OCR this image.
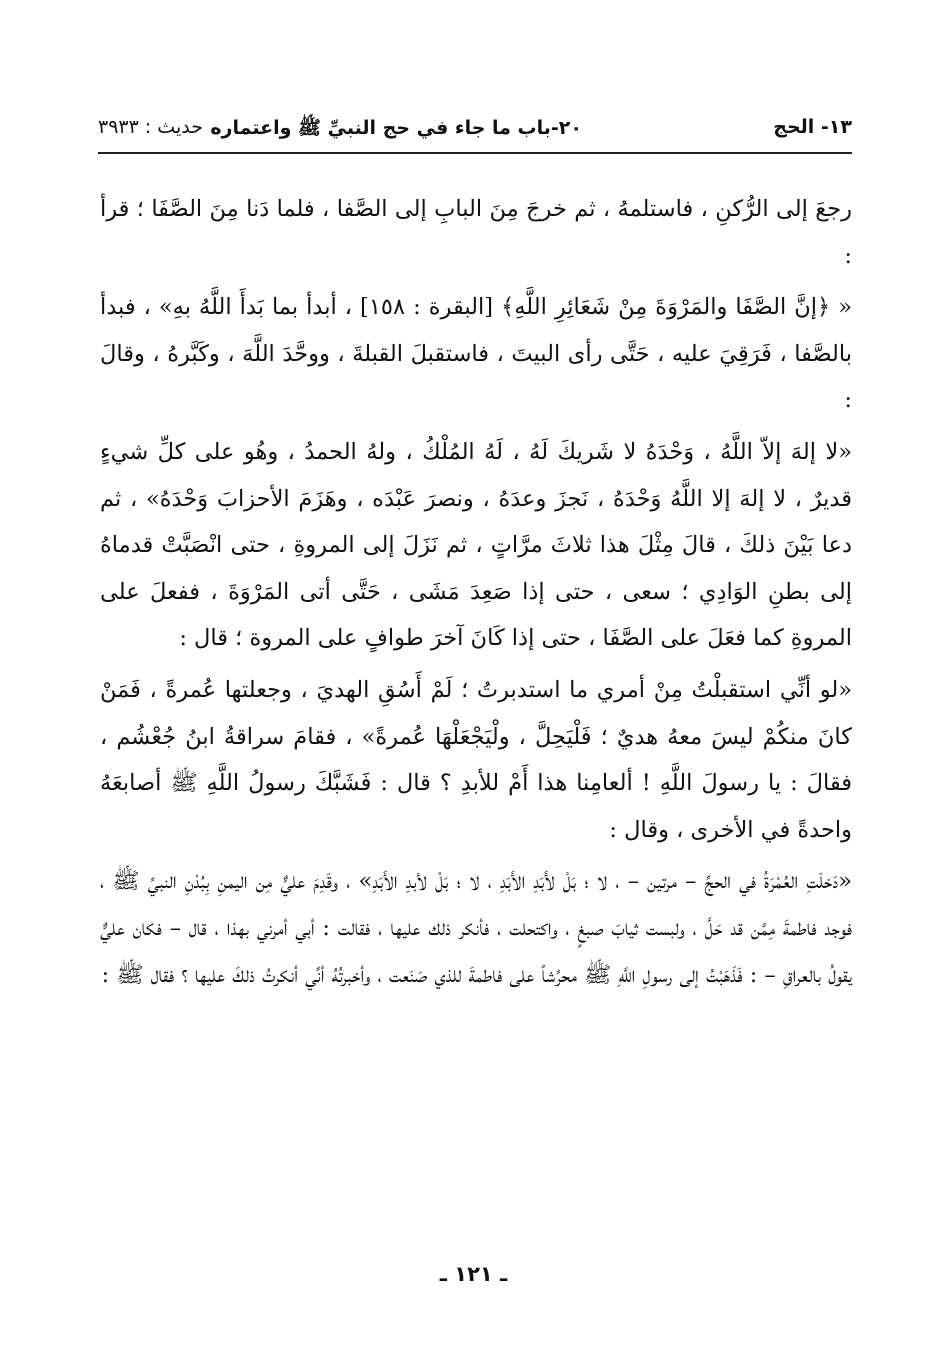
١٣- الحج
٢٠-باب ما جاء في حج النبيِّ ﷺ واعتماره
حديث : ٣٩٣٣

رجعَ إلى الرُّكنِ ، فاستلمهُ ، ثم خرجَ مِنَ البابِ إلى الصَّفا ، فلما دَنا مِنَ الصَّفَا ؛ قرأ :

« ﴿إنَّ الصَّفَا والمَرْوَةَ مِنْ شَعَائِرِ اللَّهِ﴾ [البقرة : ١٥٨] ، أبدأ بما بَدأَ اللَّهُ بهِ» ، فبدأ بالصَّفا ، فَرَقِيَ عليه ، حَتَّى رأى البيتَ ، فاستقبلَ القبلةَ ، ووحَّدَ اللَّهَ ، وكَبَّرهُ ، وقالَ :

«لا إلهَ إلاّ اللَّهُ ، وَحْدَهُ لا شَريكَ لَهُ ، لَهُ المُلْكُ ، ولهُ الحمدُ ، وهُو على كلِّ شيءٍ قديرٌ ، لا إلهَ إلا اللَّهُ وَحْدَهُ ، نَجزَ وعدَهُ ، ونصرَ عَبْدَه ، وهَزَمَ الأحزابَ وَحْدَهُ» ، ثم دعا بَيْنَ ذلكَ ، قالَ مِثْلَ هذا ثلاثَ مرَّاتٍ ، ثم نَزَلَ إلى المروةِ ، حتى انْصَبَّتْ قدماهُ إلى بطنِ الوَادِي ؛ سعى ، حتى إذا صَعِدَ مَشَى ، حَتَّى أتى المَرْوَةَ ، ففعلَ على المروةِ كما فعَلَ على الصَّفَا ، حتى إذا كَانَ آخرَ طوافٍ على المروة ؛ قال :

«لو أنِّي استقبلْتُ مِنْ أمري ما استدبرتُ ؛ لَمْ أَسُقِ الهديَ ، وجعلتها عُمرةً ، فَمَنْ كانَ منكُمْ ليسَ معهُ هديٌ ؛ فَلْيَحِلَّ ، ولْيَجْعَلْهَا عُمرةً» ، فقامَ سراقةُ ابنُ جُعْشُم ، فقالَ : يا رسولَ اللَّهِ ! ألعامِنا هذا أَمْ للأبدِ ؟ قال : فَشَبَّكَ رسولُ اللَّهِ ﷺ أصابعَهُ واحدةً في الأخرى ، وقال :

«دَخلَتِ العُمْرَةُ في الحجِّ – مرتين – ، لا ؛ بَلْ لأَبَدِ الأَبَدِ ، لا ؛ بَلْ لأبدِ الأَبَدِ» ، وقَدِمَ عليٌّ مِن اليمنِ بِبُدْنِ النبيِّ ﷺ ، فوجد فاطمةَ مِمَّن قد حَلَّ ، ولبست ثيابَ صبغٍ ، واكتحلت ، فأنكر ذلك عليها ، فقالت : أبي أمرني بهذا ، قال – فكان عليٌّ يقولُ بالعراقِ – : فَذَهَبْتُ إلى رسولِ اللَّهِ ﷺ محرِّشاً على فاطمةَ للذي صَنَعت ، وأخبرتُهُ أنِّي أنكرتُ ذلكَ عليها ؟ فقال ﷺ :

ـ ١٢١ ـ
